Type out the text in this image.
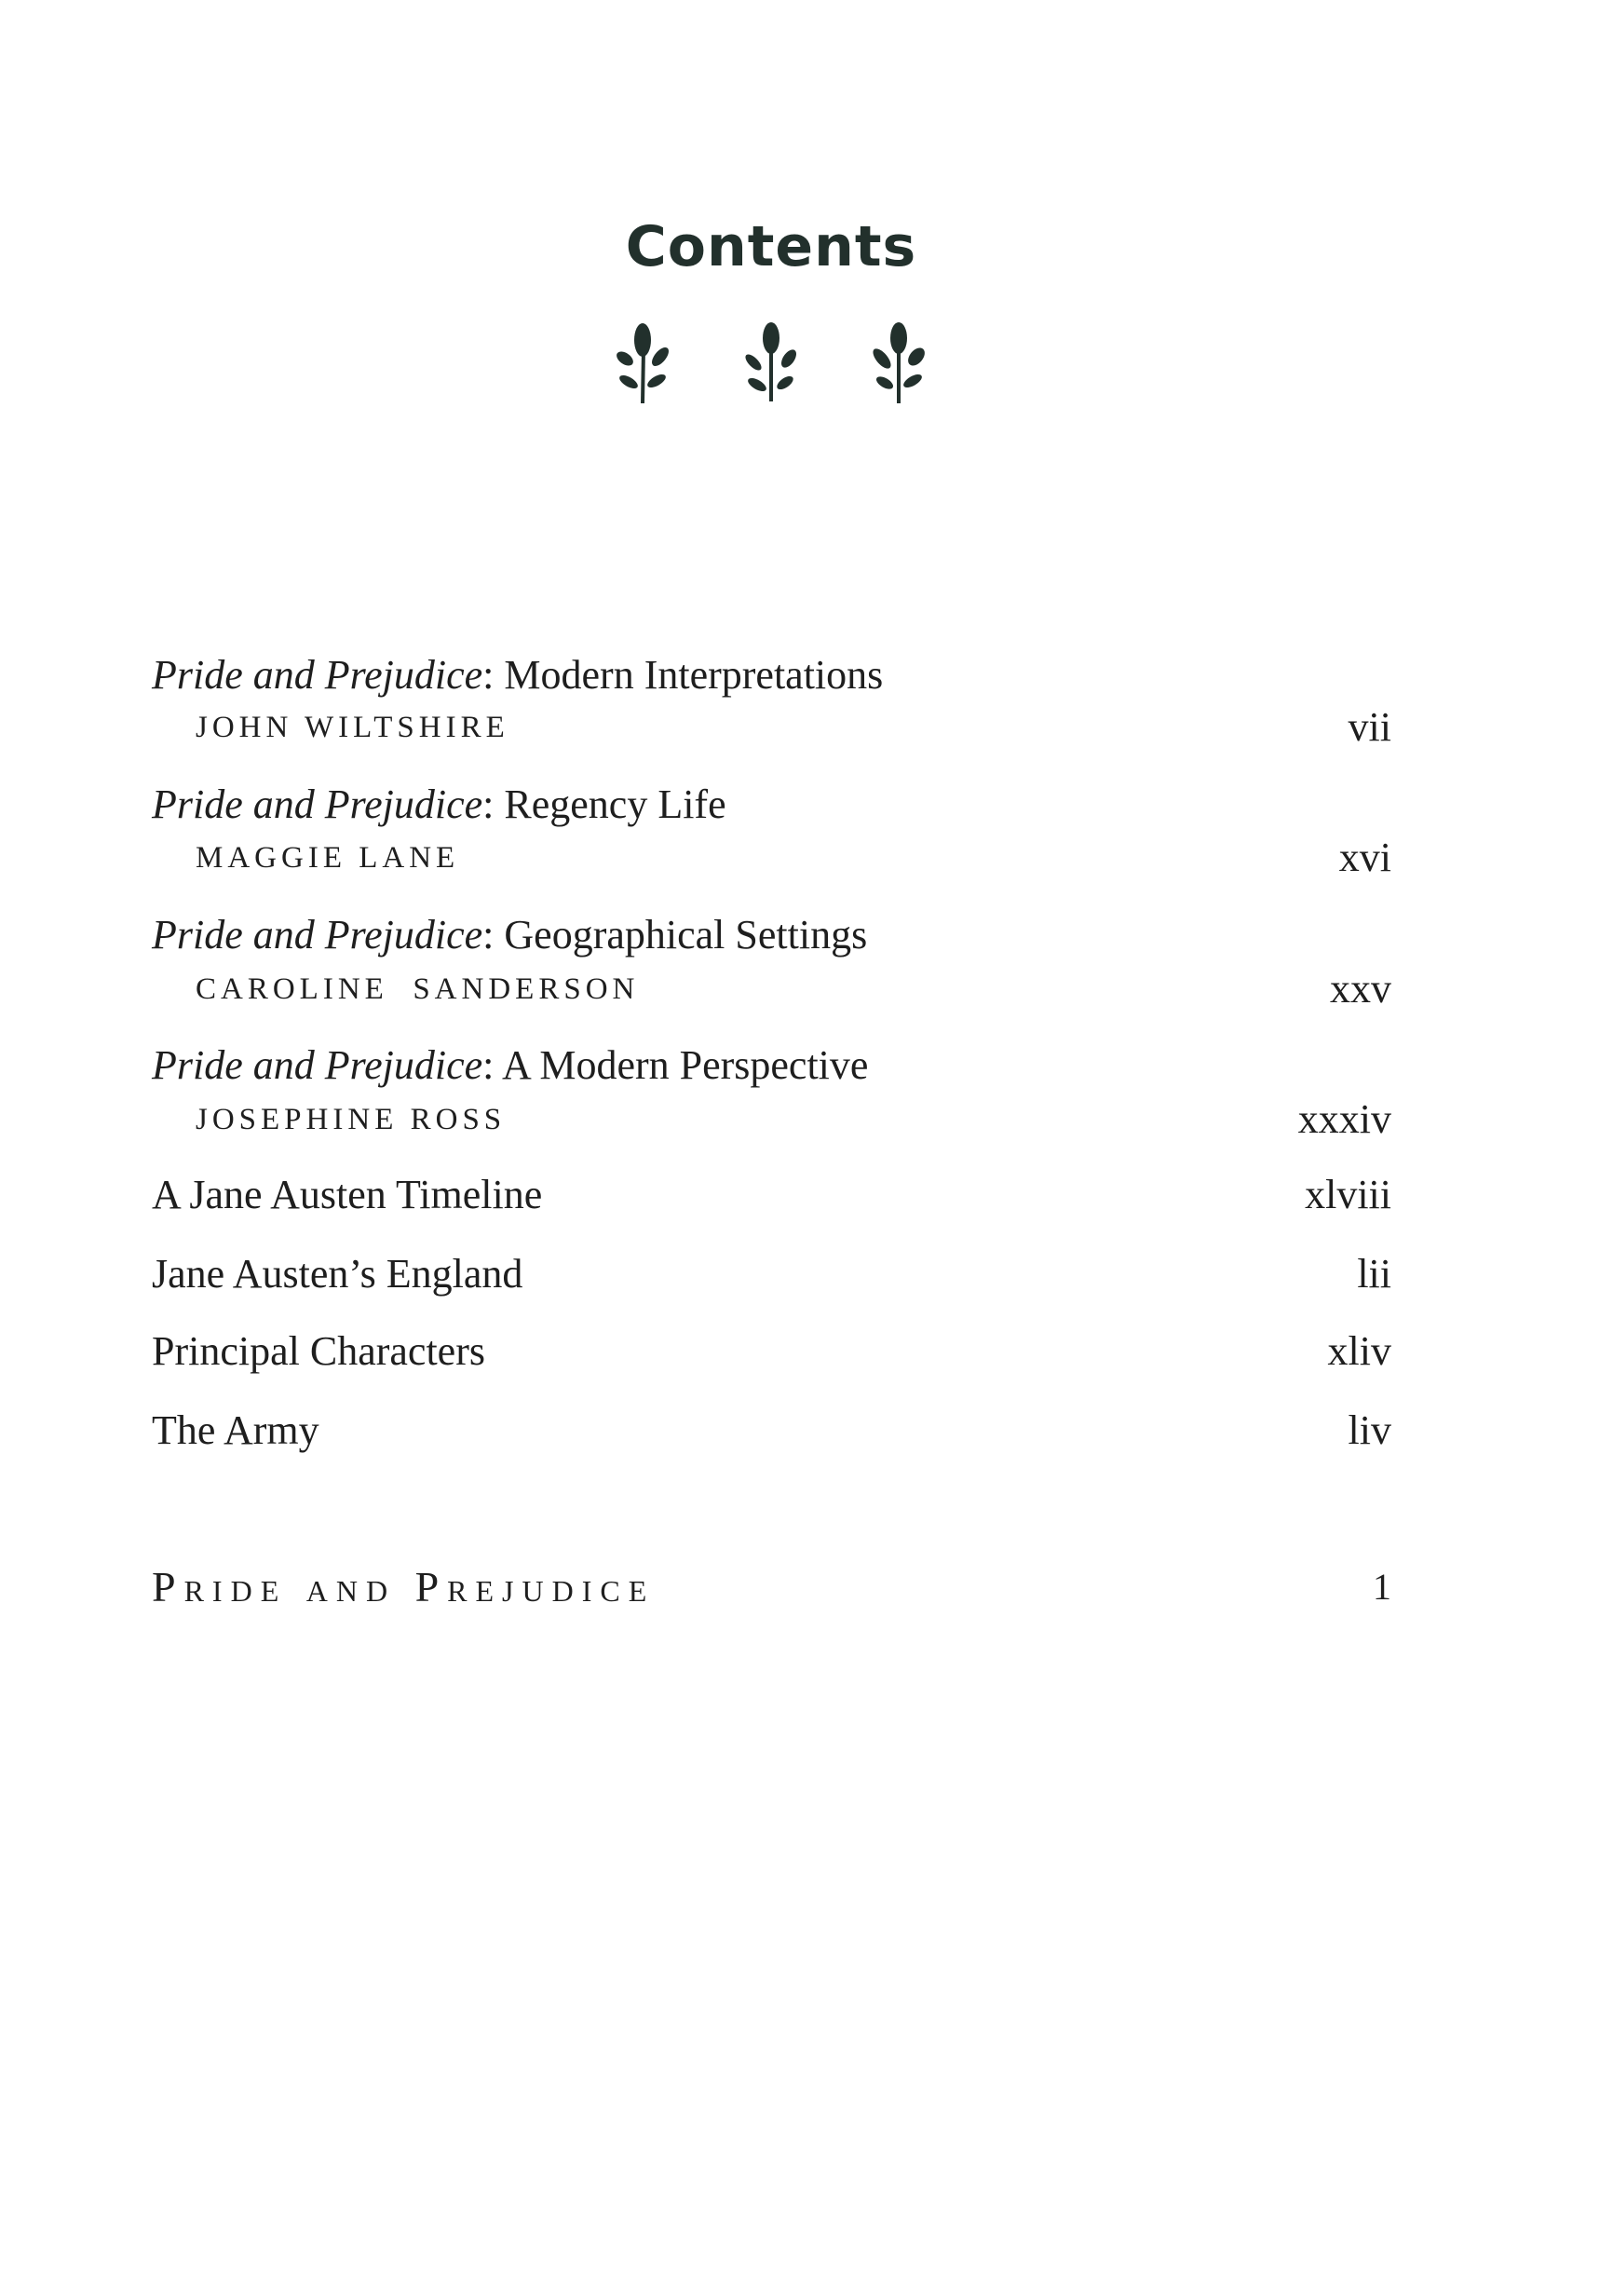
Contents
Pride and Prejudice: Modern Interpretations
JOHN WILTSHIRE	vii
Pride and Prejudice: Regency Life
MAGGIE LANE	xvi
Pride and Prejudice: Geographical Settings
CAROLINE  SANDERSON	xxv
Pride and Prejudice: A Modern Perspective
JOSEPHINE ROSS	xxxiv
A Jane Austen Timeline	xlviii
Jane Austen’s England	lii
Principal Characters	xliv
The Army	liv
Pride and Prejudice	1
